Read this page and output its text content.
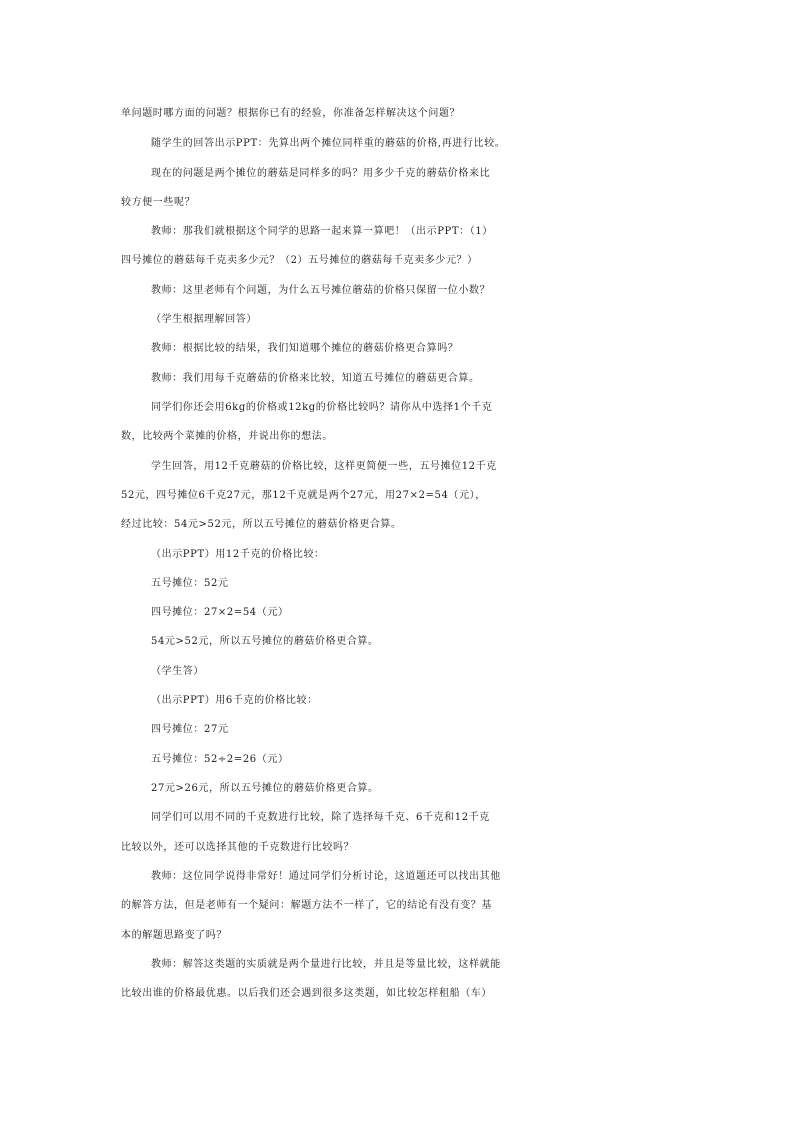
单问题时哪方面的问题？根据你已有的经验，你准备怎样解决这个问题？
随学生的回答出示PPT：先算出两个摊位同样重的蘑菇的价格,再进行比较。
现在的问题是两个摊位的蘑菇是同样多的吗？用多少千克的蘑菇价格来比
较方便一些呢？
教师：那我们就根据这个同学的思路一起来算一算吧！（出示PPT：（1）
四号摊位的蘑菇每千克卖多少元？（2）五号摊位的蘑菇每千克卖多少元？）
教师：这里老师有个问题，为什么五号摊位蘑菇的价格只保留一位小数？
（学生根据理解回答）
教师：根据比较的结果，我们知道哪个摊位的蘑菇价格更合算吗？
教师：我们用每千克蘑菇的价格来比较，知道五号摊位的蘑菇更合算。
同学们你还会用6kg的价格或12kg的价格比较吗？请你从中选择1个千克
数，比较两个菜摊的价格，并说出你的想法。
学生回答，用12千克蘑菇的价格比较，这样更简便一些，五号摊位12千克
52元，四号摊位6千克27元，那12千克就是两个27元，用27×2=54（元），
经过比较：54元>52元，所以五号摊位的蘑菇价格更合算。
（出示PPT）用12千克的价格比较：
五号摊位：52元
四号摊位：27×2=54（元）
54元>52元，所以五号摊位的蘑菇价格更合算。
（学生答）
（出示PPT）用6千克的价格比较：
四号摊位：27元
五号摊位：52÷2=26（元）
27元>26元，所以五号摊位的蘑菇价格更合算。
同学们可以用不同的千克数进行比较，除了选择每千克、6千克和12千克
比较以外，还可以选择其他的千克数进行比较吗？
教师：这位同学说得非常好！通过同学们分析讨论，这道题还可以找出其他
的解答方法，但是老师有一个疑问：解题方法不一样了，它的结论有没有变？基
本的解题思路变了吗？
教师：解答这类题的实质就是两个量进行比较，并且是等量比较，这样就能
比较出谁的价格最优惠。以后我们还会遇到很多这类题，如比较怎样租船（车）
